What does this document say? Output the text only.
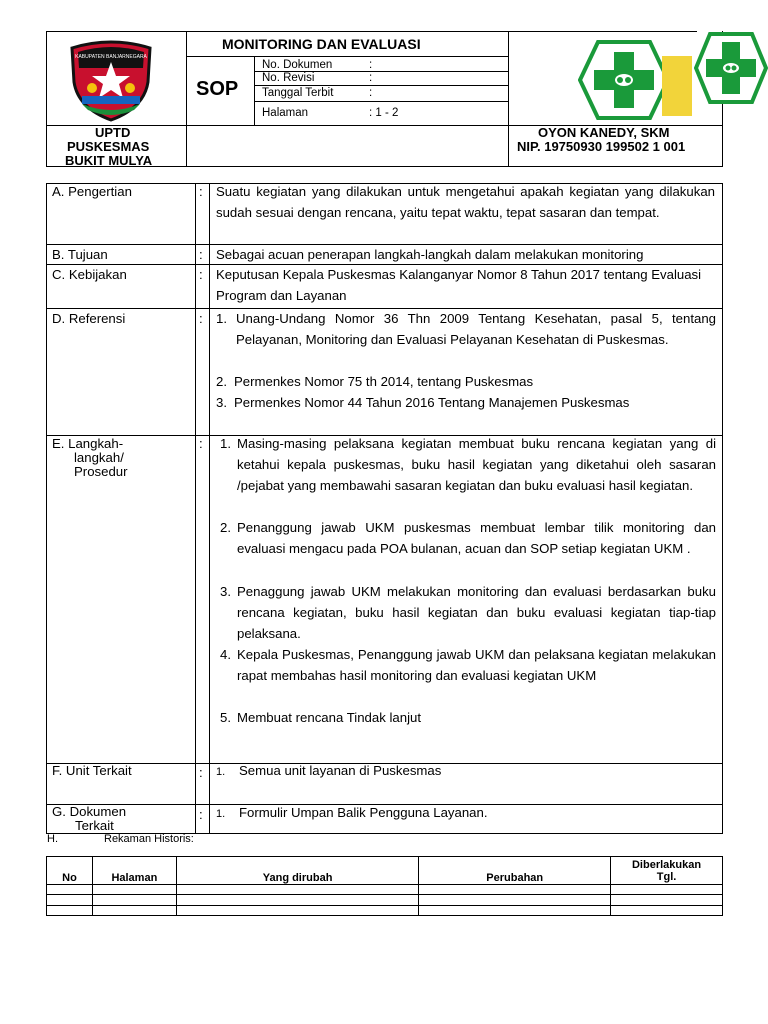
KABUPATEN BANJARNEGARA
MONITORING DAN EVALUASI
SOP
No. Dokumen	:
No. Revisi	:
Tanggal Terbit	:
Halaman	: 1 - 2
UPTD
PUSKESMAS
BUKIT MULYA
OYON KANEDY, SKM
NIP. 19750930 199502 1 001
A. Pengertian	: Suatu kegiatan yang dilakukan untuk mengetahui apakah kegiatan yang dilakukan sudah sesuai dengan rencana, yaitu tepat waktu, tepat sasaran dan tempat.
B. Tujuan	: Sebagai acuan penerapan langkah-langkah dalam melakukan monitoring
C. Kebijakan	: Keputusan Kepala Puskesmas Kalanganyar Nomor 8 Tahun 2017 tentang Evaluasi Program dan Layanan
D. Referensi	: 1. Unang-Undang Nomor 36 Thn 2009 Tentang Kesehatan, pasal 5, tentang Pelayanan, Monitoring dan Evaluasi Pelayanan Kesehatan di Puskesmas.
2. Permenkes Nomor 75 th 2014, tentang Puskesmas
3. Permenkes Nomor 44 Tahun 2016 Tentang Manajemen Puskesmas
E. Langkah-
langkah/
Prosedur
: 1. Masing-masing pelaksana kegiatan membuat buku rencana kegiatan yang di ketahui kepala puskesmas, buku hasil kegiatan yang diketahui oleh sasaran /pejabat yang membawahi sasaran kegiatan dan buku evaluasi hasil kegiatan.
2. Penanggung jawab UKM puskesmas membuat lembar tilik monitoring dan evaluasi mengacu pada POA bulanan, acuan dan SOP setiap kegiatan UKM .
3. Penaggung jawab UKM melakukan monitoring dan evaluasi berdasarkan buku rencana kegiatan, buku hasil kegiatan dan buku evaluasi kegiatan tiap-tiap pelaksana.
4. Kepala Puskesmas, Penanggung jawab UKM dan pelaksana kegiatan melakukan rapat membahas hasil monitoring dan evaluasi kegiatan UKM
5. Membuat rencana Tindak lanjut
F. Unit Terkait	: 1. Semua unit layanan di Puskesmas
G. Dokumen
Terkait
: 1. Formulir Umpan Balik Pengguna Layanan.
H.	Rekaman Historis:
No	Halaman	Yang dirubah	Perubahan	Diberlakukan
Tgl.
